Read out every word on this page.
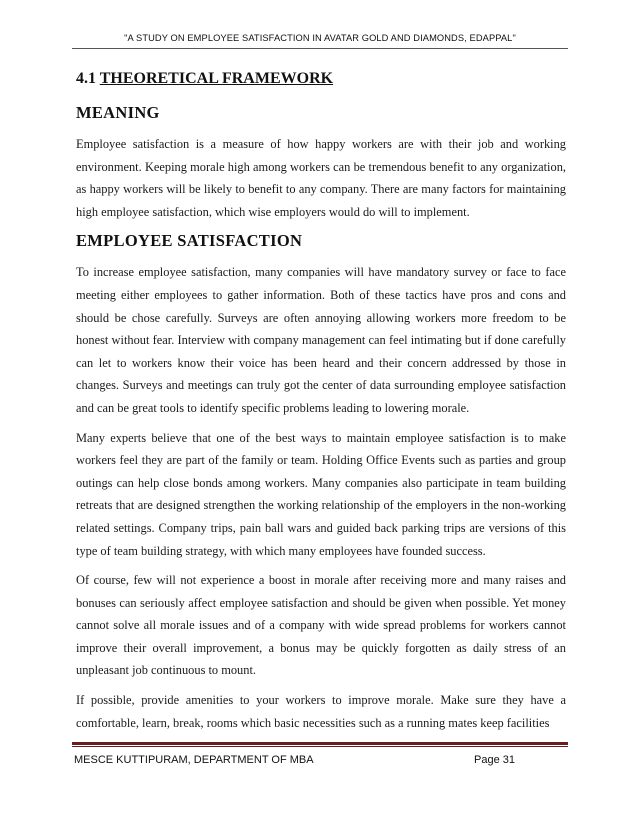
"A STUDY ON EMPLOYEE SATISFACTION IN AVATAR GOLD AND DIAMONDS, EDAPPAL"
4.1 THEORETICAL FRAMEWORK
MEANING

Employee satisfaction is a measure of how happy workers are with their job and working environment. Keeping morale high among workers can be tremendous benefit to any organization, as happy workers will be likely to benefit to any company. There are many factors for maintaining high employee satisfaction, which wise employers would do will to implement.

EMPLOYEE SATISFACTION

To increase employee satisfaction, many companies will have mandatory survey or face to face meeting either employees to gather information. Both of these tactics have pros and cons and should be chose carefully. Surveys are often annoying allowing workers more freedom to be honest without fear. Interview with company management can feel intimating but if done carefully can let to workers know their voice has been heard and their concern addressed by those in changes. Surveys and meetings can truly got the center of data surrounding employee satisfaction and can be great tools to identify specific problems leading to lowering morale.

Many experts believe that one of the best ways to maintain employee satisfaction is to make workers feel they are part of the family or team. Holding Office Events such as parties and group outings can help close bonds among workers. Many companies also participate in team building retreats that are designed strengthen the working relationship of the employers in the non-working related settings. Company trips, pain ball wars and guided back parking trips are versions of this type of team building strategy, with which many employees have founded success.

Of course, few will not experience a boost in morale after receiving more and many raises and bonuses can seriously affect employee satisfaction and should be given when possible. Yet money cannot solve all morale issues and of a company with wide spread problems for workers cannot improve their overall improvement, a bonus may be quickly forgotten as daily stress of an unpleasant job continuous to mount.

If possible, provide amenities to your workers to improve morale. Make sure they have a comfortable, learn, break, rooms which basic necessities such as a running mates keep facilities

MESCE KUTTIPURAM, DEPARTMENT OF MBA	Page 31
